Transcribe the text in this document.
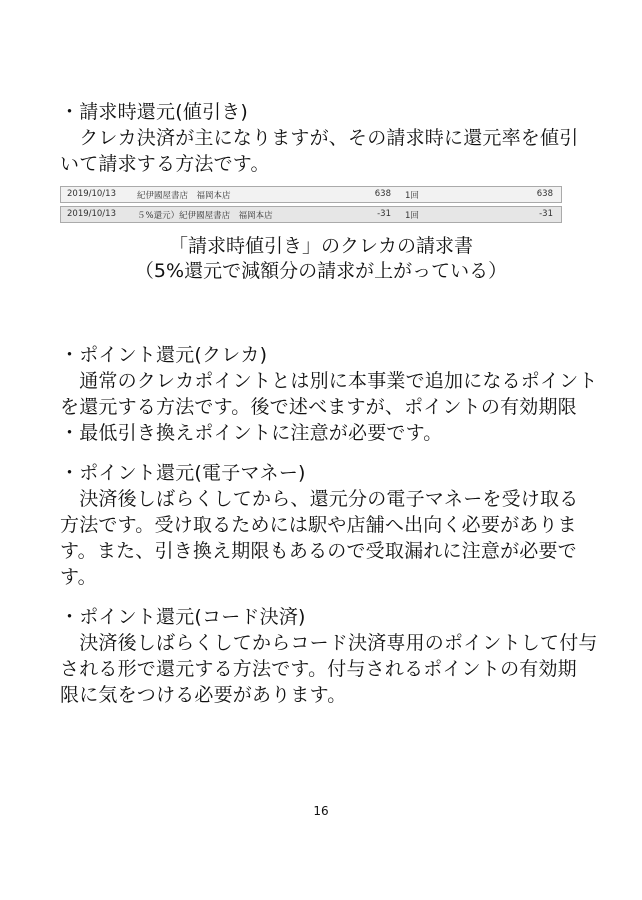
・請求時還元(値引き)
　クレカ決済が主になりますが、その請求時に還元率を値引
いて請求する方法です。
2019/10/13 紀伊國屋書店　福岡本店	638 1回	638
2019/10/13 ５%還元）紀伊國屋書店　福岡本店	-31 1回	-31
「請求時値引き」のクレカの請求書
（5%還元で減額分の請求が上がっている）
・ポイント還元(クレカ)
　通常のクレカポイントとは別に本事業で追加になるポイント
を還元する方法です。後で述べますが、ポイントの有効期限
・最低引き換えポイントに注意が必要です。
・ポイント還元(電子マネー)
　決済後しばらくしてから、還元分の電子マネーを受け取る
方法です。受け取るためには駅や店舗へ出向く必要がありま
す。また、引き換え期限もあるので受取漏れに注意が必要で
す。
・ポイント還元(コード決済)
　決済後しばらくしてからコード決済専用のポイントして付与
される形で還元する方法です。付与されるポイントの有効期
限に気をつける必要があります。
16
